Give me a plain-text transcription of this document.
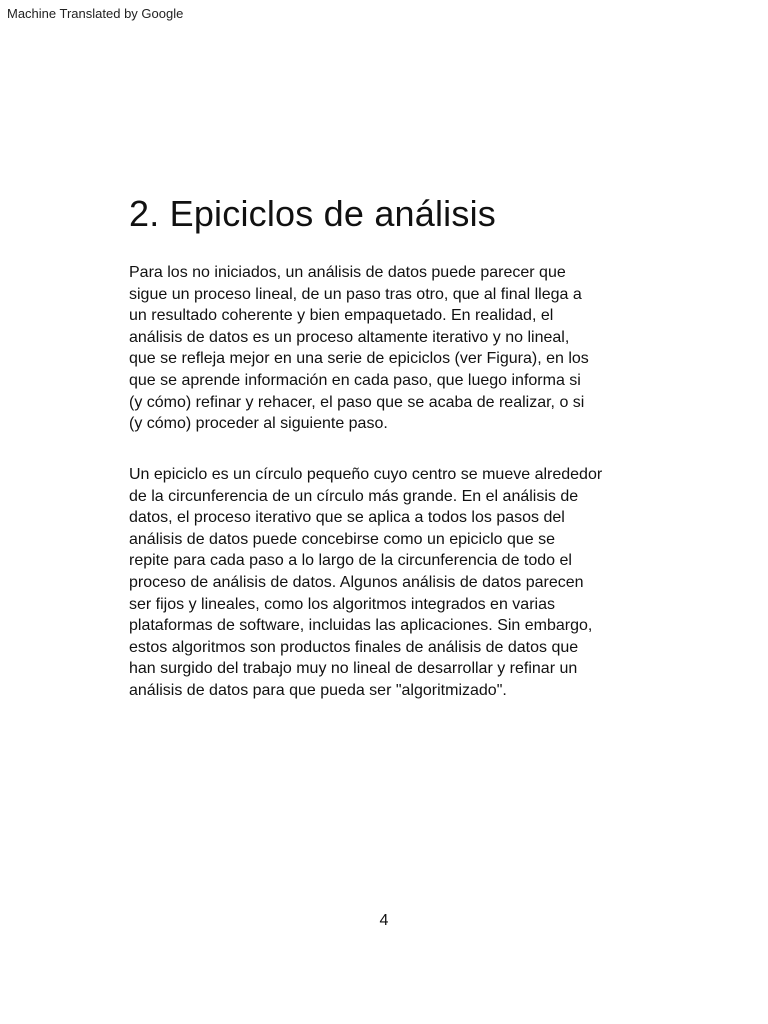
Machine Translated by Google
2. Epiciclos de análisis

Para los no iniciados, un análisis de datos puede parecer que
sigue un proceso lineal, de un paso tras otro, que al final llega a
un resultado coherente y bien empaquetado. En realidad, el
análisis de datos es un proceso altamente iterativo y no lineal,
que se refleja mejor en una serie de epiciclos (ver Figura), en los
que se aprende información en cada paso, que luego informa si
(y cómo) refinar y rehacer, el paso que se acaba de realizar, o si
(y cómo) proceder al siguiente paso.

Un epiciclo es un círculo pequeño cuyo centro se mueve alrededor
de la circunferencia de un círculo más grande. En el análisis de
datos, el proceso iterativo que se aplica a todos los pasos del
análisis de datos puede concebirse como un epiciclo que se
repite para cada paso a lo largo de la circunferencia de todo el
proceso de análisis de datos. Algunos análisis de datos parecen
ser fijos y lineales, como los algoritmos integrados en varias
plataformas de software, incluidas las aplicaciones. Sin embargo,
estos algoritmos son productos finales de análisis de datos que
han surgido del trabajo muy no lineal de desarrollar y refinar un
análisis de datos para que pueda ser "algoritmizado".

4
